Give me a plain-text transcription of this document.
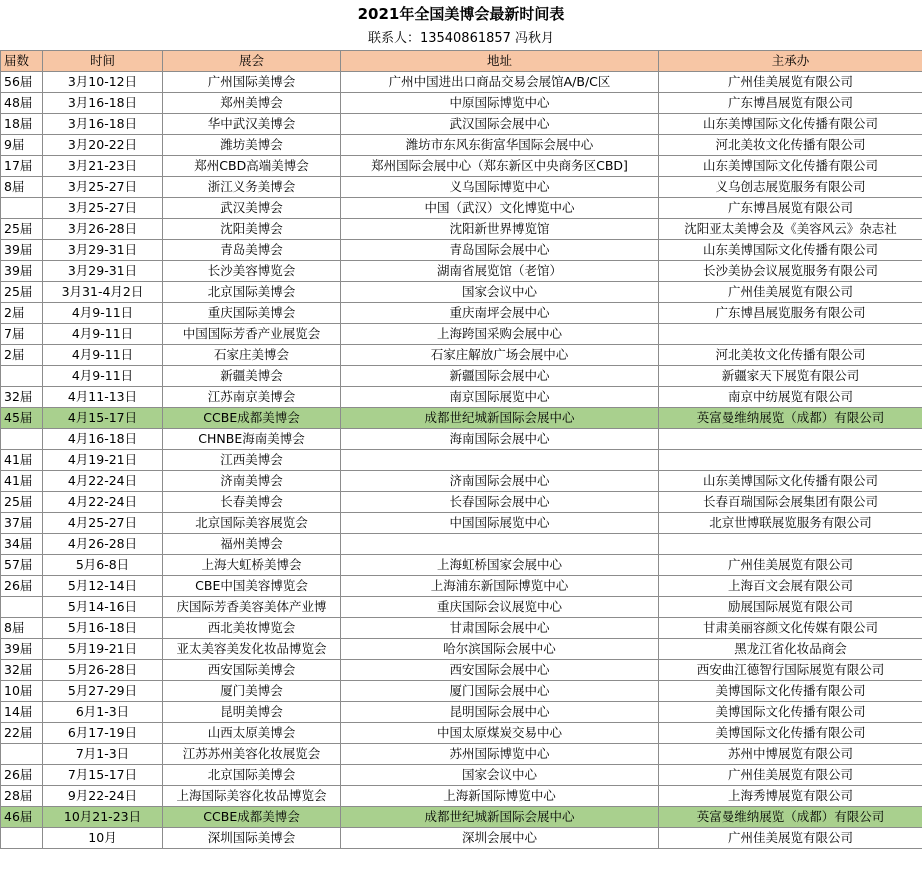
2021年全国美博会最新时间表
联系人：13540861857 冯秋月
届数	时间	展会	地址	主承办
56届	3月10-12日	广州国际美博会	广州中国进出口商品交易会展馆A/B/C区	广州佳美展览有限公司
48届	3月16-18日	郑州美博会	中原国际博览中心	广东博昌展览有限公司
18届	3月16-18日	华中武汉美博会	武汉国际会展中心	山东美博国际文化传播有限公司
9届	3月20-22日	潍坊美博会	潍坊市东风东街富华国际会展中心	河北美妆文化传播有限公司
17届	3月21-23日	郑州CBD高端美博会	郑州国际会展中心（郑东新区中央商务区CBD]	山东美博国际文化传播有限公司
8届	3月25-27日	浙江义务美博会	义乌国际博览中心	义乌创志展览服务有限公司
	3月25-27日	武汉美博会	中国（武汉）文化博览中心	广东博昌展览有限公司
25届	3月26-28日	沈阳美博会	沈阳新世界博览馆	沈阳亚太美博会及《美容风云》杂志社
39届	3月29-31日	青岛美博会	青岛国际会展中心	山东美博国际文化传播有限公司
39届	3月29-31日	长沙美容博览会	湖南省展览馆（老馆）	长沙美协会议展览服务有限公司
25届	3月31-4月2日	北京国际美博会	国家会议中心	广州佳美展览有限公司
2届	4月9-11日	重庆国际美博会	重庆南坪会展中心	广东博昌展览服务有限公司
7届	4月9-11日	中国国际芳香产业展览会	上海跨国采购会展中心	
2届	4月9-11日	石家庄美博会	石家庄解放广场会展中心	河北美妆文化传播有限公司
	4月9-11日	新疆美博会	新疆国际会展中心	新疆家天下展览有限公司
32届	4月11-13日	江苏南京美博会	南京国际展览中心	南京中纺展览有限公司
45届	4月15-17日	CCBE成都美博会	成都世纪城新国际会展中心	英富曼维纳展览（成都）有限公司
	4月16-18日	CHNBE海南美博会	海南国际会展中心	
41届	4月19-21日	江西美博会		
41届	4月22-24日	济南美博会	济南国际会展中心	山东美博国际文化传播有限公司
25届	4月22-24日	长春美博会	长春国际会展中心	长春百瑞国际会展集团有限公司
37届	4月25-27日	北京国际美容展览会	中国国际展览中心	北京世博联展览服务有限公司
34届	4月26-28日	福州美博会		
57届	5月6-8日	上海大虹桥美博会	上海虹桥国家会展中心	广州佳美展览有限公司
26届	5月12-14日	CBE中国美容博览会	上海浦东新国际博览中心	上海百文会展有限公司
	5月14-16日	庆国际芳香美容美体产业博	重庆国际会议展览中心	励展国际展览有限公司
8届	5月16-18日	西北美妆博览会	甘肃国际会展中心	甘肃美丽容颜文化传媒有限公司
39届	5月19-21日	亚太美容美发化妆品博览会	哈尔滨国际会展中心	黑龙江省化妆品商会
32届	5月26-28日	西安国际美博会	西安国际会展中心	西安曲江德智行国际展览有限公司
10届	5月27-29日	厦门美博会	厦门国际会展中心	美博国际文化传播有限公司
14届	6月1-3日	昆明美博会	昆明国际会展中心	美博国际文化传播有限公司
22届	6月17-19日	山西太原美博会	中国太原煤炭交易中心	美博国际文化传播有限公司
	7月1-3日	江苏苏州美容化妆展览会	苏州国际博览中心	苏州中博展览有限公司
26届	7月15-17日	北京国际美博会	国家会议中心	广州佳美展览有限公司
28届	9月22-24日	上海国际美容化妆品博览会	上海新国际博览中心	上海秀博展览有限公司
46届	10月21-23日	CCBE成都美博会	成都世纪城新国际会展中心	英富曼维纳展览（成都）有限公司
	10月	深圳国际美博会	深圳会展中心	广州佳美展览有限公司
